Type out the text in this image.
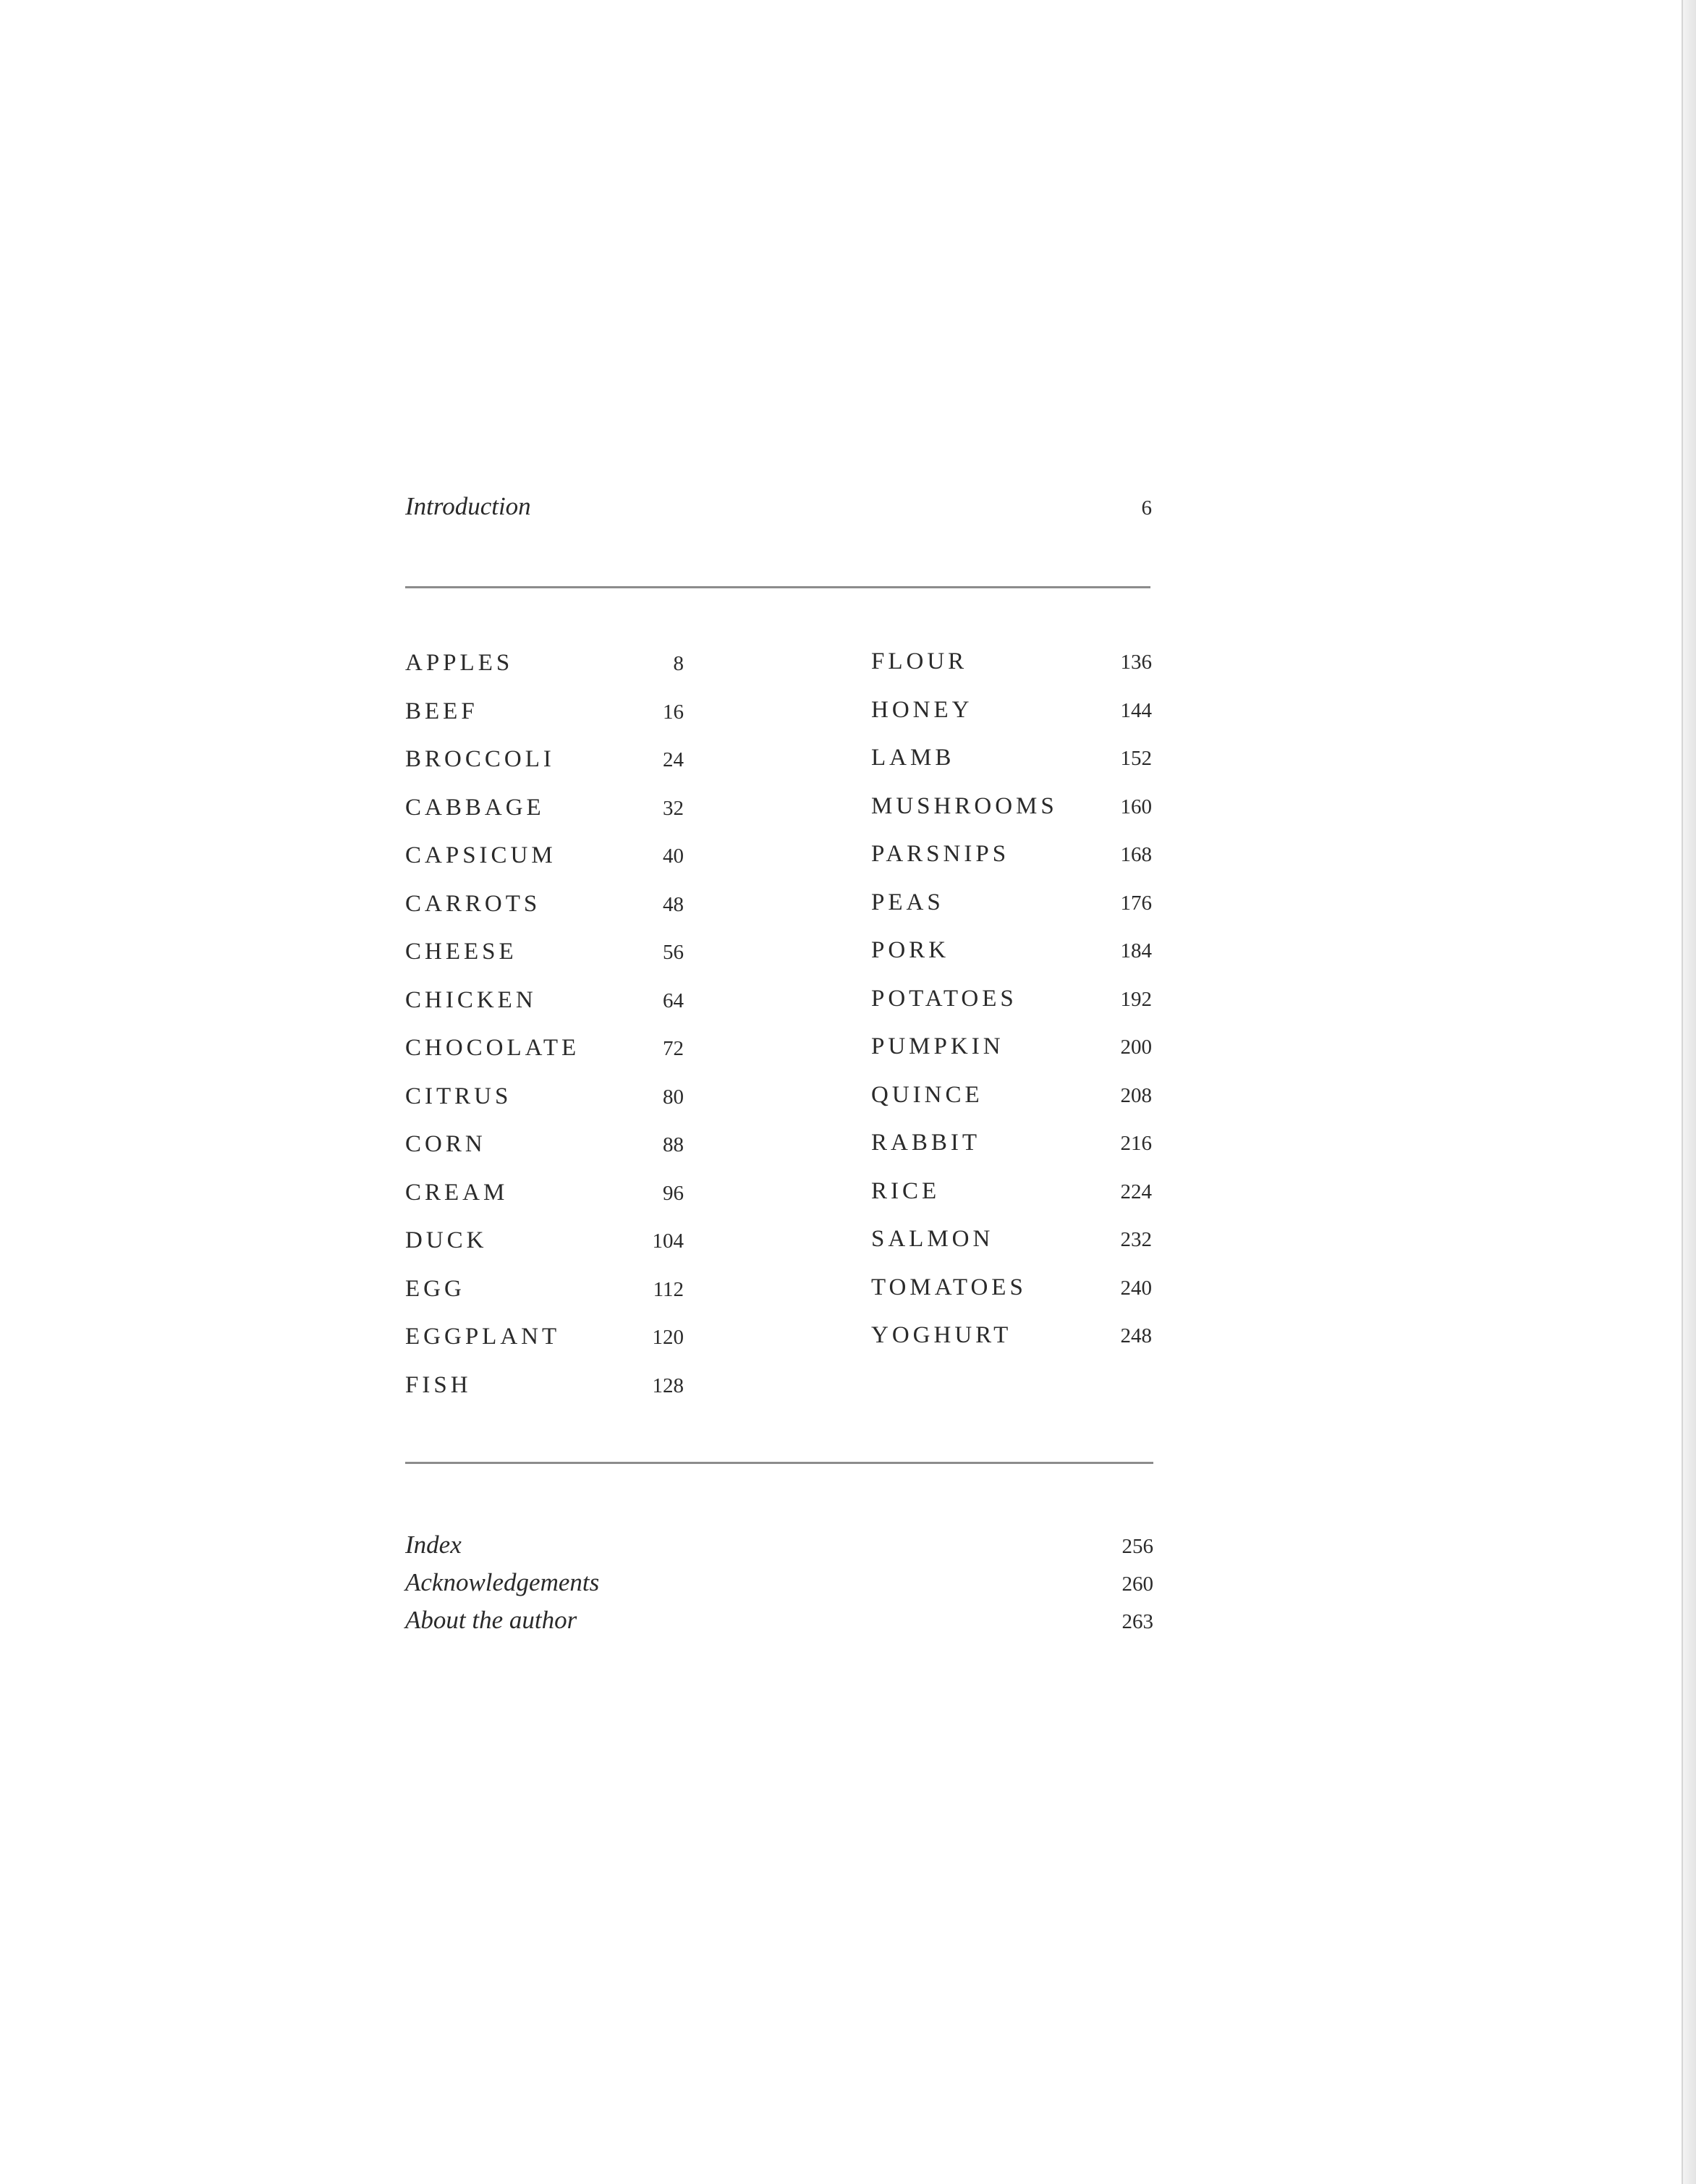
Introduction	6
APPLES	8
BEEF	16
BROCCOLI	24
CABBAGE	32
CAPSICUM	40
CARROTS	48
CHEESE	56
CHICKEN	64
CHOCOLATE	72
CITRUS	80
CORN	88
CREAM	96
DUCK	104
EGG	112
EGGPLANT	120
FISH	128
FLOUR	136
HONEY	144
LAMB	152
MUSHROOMS	160
PARSNIPS	168
PEAS	176
PORK	184
POTATOES	192
PUMPKIN	200
QUINCE	208
RABBIT	216
RICE	224
SALMON	232
TOMATOES	240
YOGHURT	248
Index	256
Acknowledgements	260
About the author	263
